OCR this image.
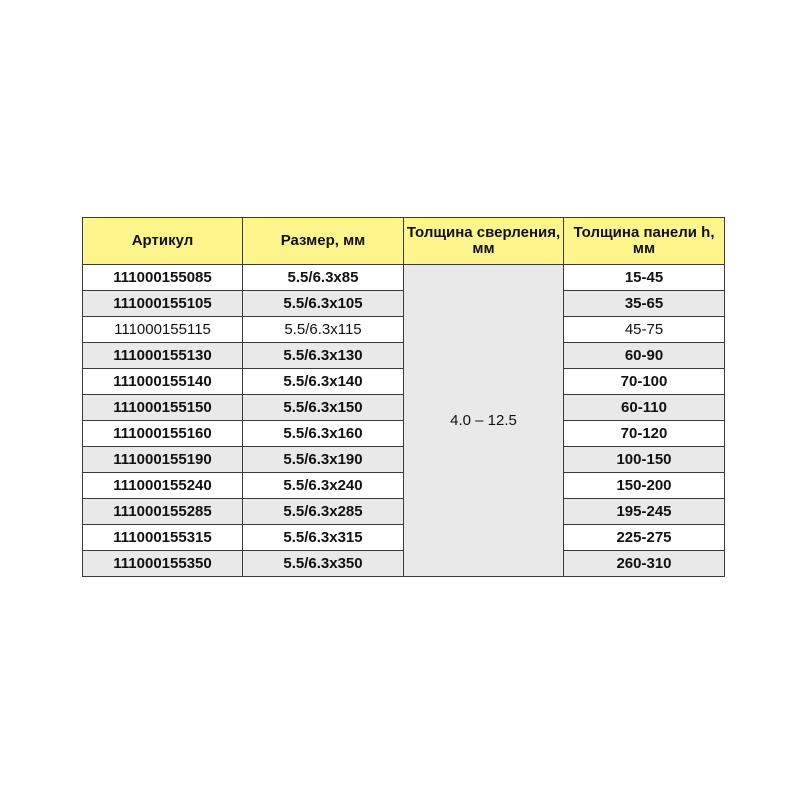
Артикул	Размер, мм	Толщина сверления, мм	Толщина панели h, мм
111000155085	5.5/6.3x85	4.0 – 12.5	15-45
111000155105	5.5/6.3x105		35-65
111000155115	5.5/6.3x115		45-75
111000155130	5.5/6.3x130		60-90
111000155140	5.5/6.3x140		70-100
111000155150	5.5/6.3x150		60-110
111000155160	5.5/6.3x160		70-120
111000155190	5.5/6.3x190		100-150
111000155240	5.5/6.3x240		150-200
111000155285	5.5/6.3x285		195-245
111000155315	5.5/6.3x315		225-275
111000155350	5.5/6.3x350		260-310
